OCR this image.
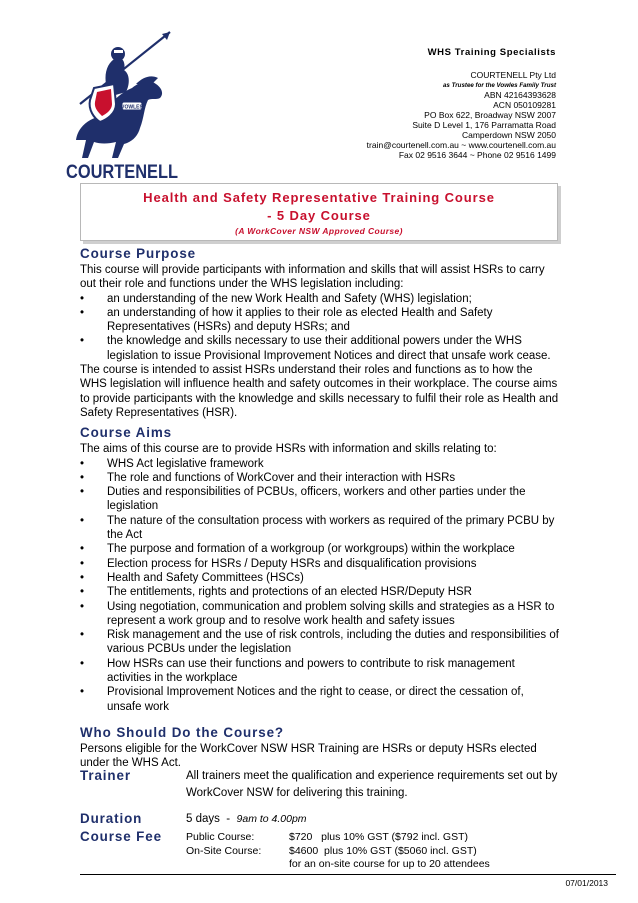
VOWLES
COURTENELL
WHS Training Specialists
COURTENELL Pty Ltd
as Trustee for the Vowles Family Trust
ABN 42164393628
ACN 050109281
PO Box 622, Broadway NSW 2007
Suite D Level 1, 176 Parramatta Road
Camperdown NSW 2050
train@courtenell.com.au ~ www.courtenell.com.au
Fax 02 9516 3644 ~ Phone 02 9516 1499
Health and Safety Representative Training Course
- 5 Day Course
(A WorkCover NSW Approved Course)
Course Purpose

This course will provide participants with information and skills that will assist HSRs to carry out their role and functions under the WHS legislation including:

• an understanding of the new Work Health and Safety (WHS) legislation;
• an understanding of how it applies to their role as elected Health and Safety Representatives (HSRs) and deputy HSRs; and
• the knowledge and skills necessary to use their additional powers under the WHS legislation to issue Provisional Improvement Notices and direct that unsafe work cease.

The course is intended to assist HSRs understand their roles and functions as to how the WHS legislation will influence health and safety outcomes in their workplace. The course aims to provide participants with the knowledge and skills necessary to fulfil their role as Health and Safety Representatives (HSR).

Course Aims

The aims of this course are to provide HSRs with information and skills relating to:

• WHS Act legislative framework
• The role and functions of WorkCover and their interaction with HSRs
• Duties and responsibilities of PCBUs, officers, workers and other parties under the legislation
• The nature of the consultation process with workers as required of the primary PCBU by the Act
• The purpose and formation of a workgroup (or workgroups) within the workplace
• Election process for HSRs / Deputy HSRs and disqualification provisions
• Health and Safety Committees (HSCs)
• The entitlements, rights and protections of an elected HSR/Deputy HSR
• Using negotiation, communication and problem solving skills and strategies as a HSR to represent a work group and to resolve work health and safety issues
• Risk management and the use of risk controls, including the duties and responsibilities of various PCBUs under the legislation
• How HSRs can use their functions and powers to contribute to risk management activities in the workplace
• Provisional Improvement Notices and the right to cease, or direct the cessation of, unsafe work
Who Should Do the Course?

Persons eligible for the WorkCover NSW HSR Training are HSRs or deputy HSRs elected under the WHS Act.

Trainer	All trainers meet the qualification and experience requirements set out by WorkCover NSW for delivering this training.
Duration	5 days - 9am to 4.00pm
Course Fee Public Course:	$720 plus 10% GST ($792 incl. GST)
On-Site Course:	$4600 plus 10% GST ($5060 incl. GST)
for an on-site course for up to 20 attendees
07/01/2013
